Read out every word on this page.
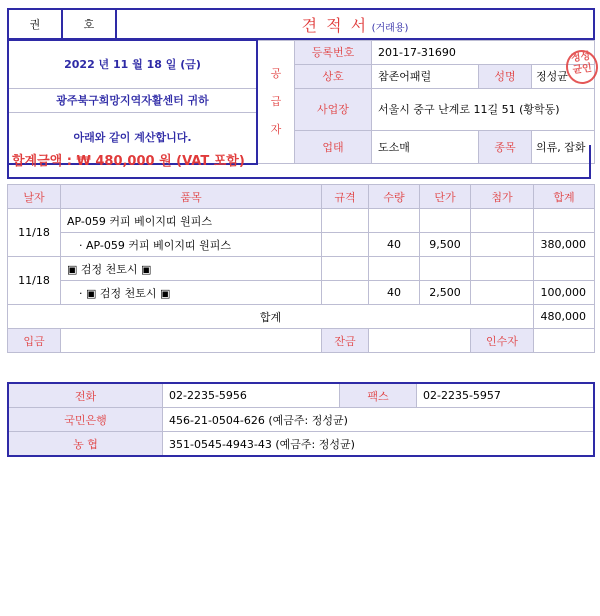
권	호	견 적 서 (거래용)
2022 년 11 월 18 일 (금)	공
급
자	등록번호	201-17-31690		
		상호	참존어패럴	성명	정성균

광주북구희망지역자활센터 귀하
아래와 같이 계산합니다.		사업장	서울시 중구 난계로 11길 51 (황학동)		
		업태	도소매	종목	의류, 잡화
정성균인
합계금액 : ₩ 480,000 원 (VAT 포함)
날자	품목	규격	수량	단가	첨가	합계
11/18	AP-059 커피 베이지띠 원피스					
	· AP-059 커피 베이지띠 원피스		40	9,500		380,000
11/18	▣ 검정 천토시 ▣					
	· ▣ 검정 천토시 ▣		40	2,500		100,000
합계						480,000
입금		잔금			인수자	
전화	02-2235-5956	팩스	02-2235-5957
국민은행	456-21-0504-626 (예금주: 정성균)		
농 협	351-0545-4943-43 (예금주: 정성균)		
